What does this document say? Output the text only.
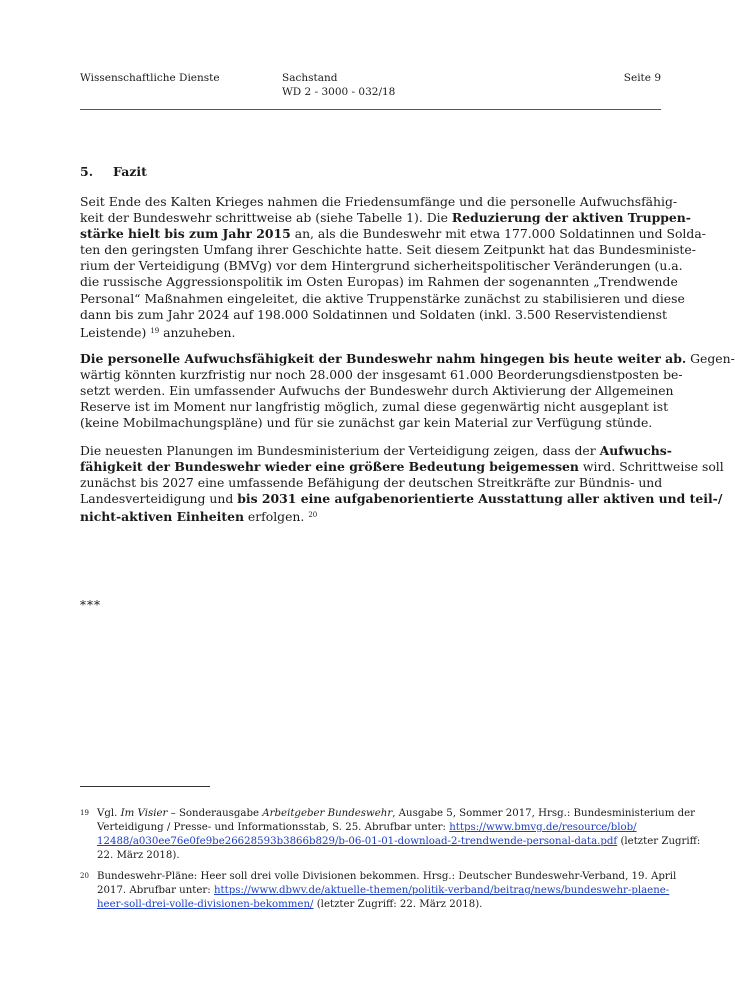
Wissenschaftliche Dienste	Sachstand
WD 2 - 3000 - 032/18
Seite 9
5. Fazit
Seit Ende des Kalten Krieges nahmen die Friedensumfänge und die personelle Aufwuchsfähig-
keit der Bundeswehr schrittweise ab (siehe Tabelle 1). Die Reduzierung der aktiven Truppen-
stärke hielt bis zum Jahr 2015 an, als die Bundeswehr mit etwa 177.000 Soldatinnen und Solda-
ten den geringsten Umfang ihrer Geschichte hatte. Seit diesem Zeitpunkt hat das Bundesministe-
rium der Verteidigung (BMVg) vor dem Hintergrund sicherheitspolitischer Veränderungen (u.a.
die russische Aggressionspolitik im Osten Europas) im Rahmen der sogenannten „Trendwende
Personal“ Maßnahmen eingeleitet, die aktive Truppenstärke zunächst zu stabilisieren und diese
dann bis zum Jahr 2024 auf 198.000 Soldatinnen und Soldaten (inkl. 3.500 Reservistendienst
Leistende) $^{19}$ anzuheben.
Die personelle Aufwuchsfähigkeit der Bundeswehr nahm hingegen bis heute weiter ab. Gegen-
wärtig könnten kurzfristig nur noch 28.000 der insgesamt 61.000 Beorderungsdienstposten be-
setzt werden. Ein umfassender Aufwuchs der Bundeswehr durch Aktivierung der Allgemeinen
Reserve ist im Moment nur langfristig möglich, zumal diese gegenwärtig nicht ausgeplant ist
(keine Mobilmachungspläne) und für sie zunächst gar kein Material zur Verfügung stünde.
Die neuesten Planungen im Bundesministerium der Verteidigung zeigen, dass der Aufwuchs-
fähigkeit der Bundeswehr wieder eine größere Bedeutung beigemessen wird. Schrittweise soll
zunächst bis 2027 eine umfassende Befähigung der deutschen Streitkräfte zur Bündnis- und
Landesverteidigung und bis 2031 eine aufgabenorientierte Ausstattung aller aktiven und teil-/
nicht-aktiven Einheiten erfolgen. $^{20}$
***
19 Vgl. Im Visier – Sonderausgabe Arbeitgeber Bundeswehr, Ausgabe 5, Sommer 2017, Hrsg.: Bundesministerium der
Verteidigung / Presse- und Informationsstab, S. 25. Abrufbar unter: https://www.bmvg.de/resource/blob/
12488/a030ee76e0fe9be26628593b3866b829/b-06-01-01-download-2-trendwende-personal-data.pdf (letzter Zugriff:
22. März 2018).
20 Bundeswehr-Pläne: Heer soll drei volle Divisionen bekommen. Hrsg.: Deutscher Bundeswehr-Verband, 19. April
2017. Abrufbar unter: https://www.dbwv.de/aktuelle-themen/politik-verband/beitrag/news/bundeswehr-plaene-
heer-soll-drei-volle-divisionen-bekommen/ (letzter Zugriff: 22. März 2018).
